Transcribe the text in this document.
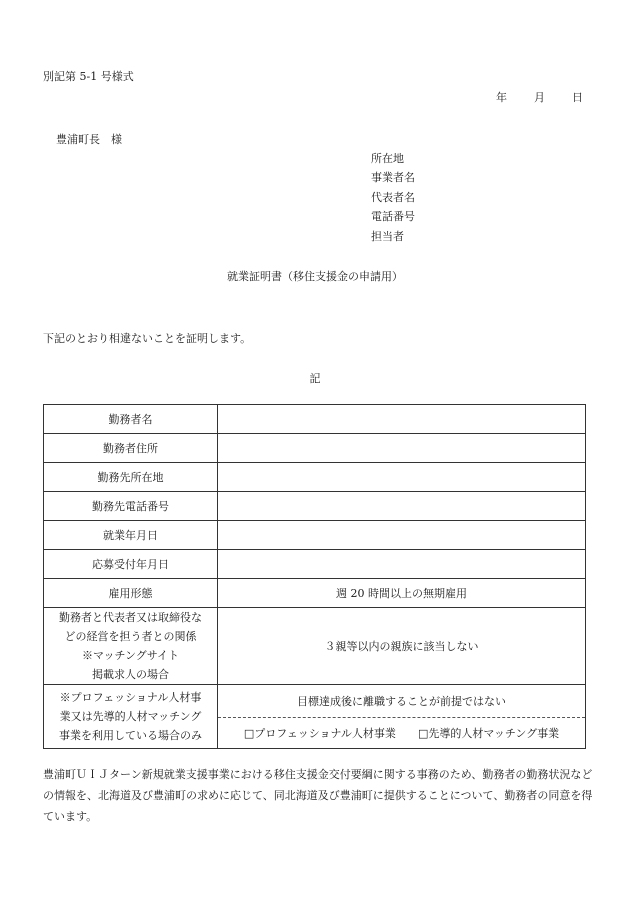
別記第 5-1 号様式
年 月 日
豊浦町長　様
所在地
事業者名
代表者名
電話番号
担当者
就業証明書（移住支援金の申請用）
下記のとおり相違ないことを証明します。
記
勤務者名	
勤務者住所	
勤務先所在地	
勤務先電話番号	
就業年月日	
応募受付年月日	
雇用形態	週 20 時間以上の無期雇用

勤務者と代表者又は取締役な
どの経営を担う者との関係
※マッチングサイト
掲載求人の場合	３親等以内の親族に該当しない

※プロフェッショナル人材事
業又は先導的人材マッチング
事業を利用している場合のみ	目標達成後に離職することが前提ではない
	□プロフェッショナル人材事業 □先導的人材マッチング事業
豊浦町ＵＩＪターン新規就業支援事業における移住支援金交付要綱に関する事務のため、勤務者の勤務状況などの情報を、北海道及び豊浦町の求めに応じて、同北海道及び豊浦町に提供することについて、勤務者の同意を得ています。
